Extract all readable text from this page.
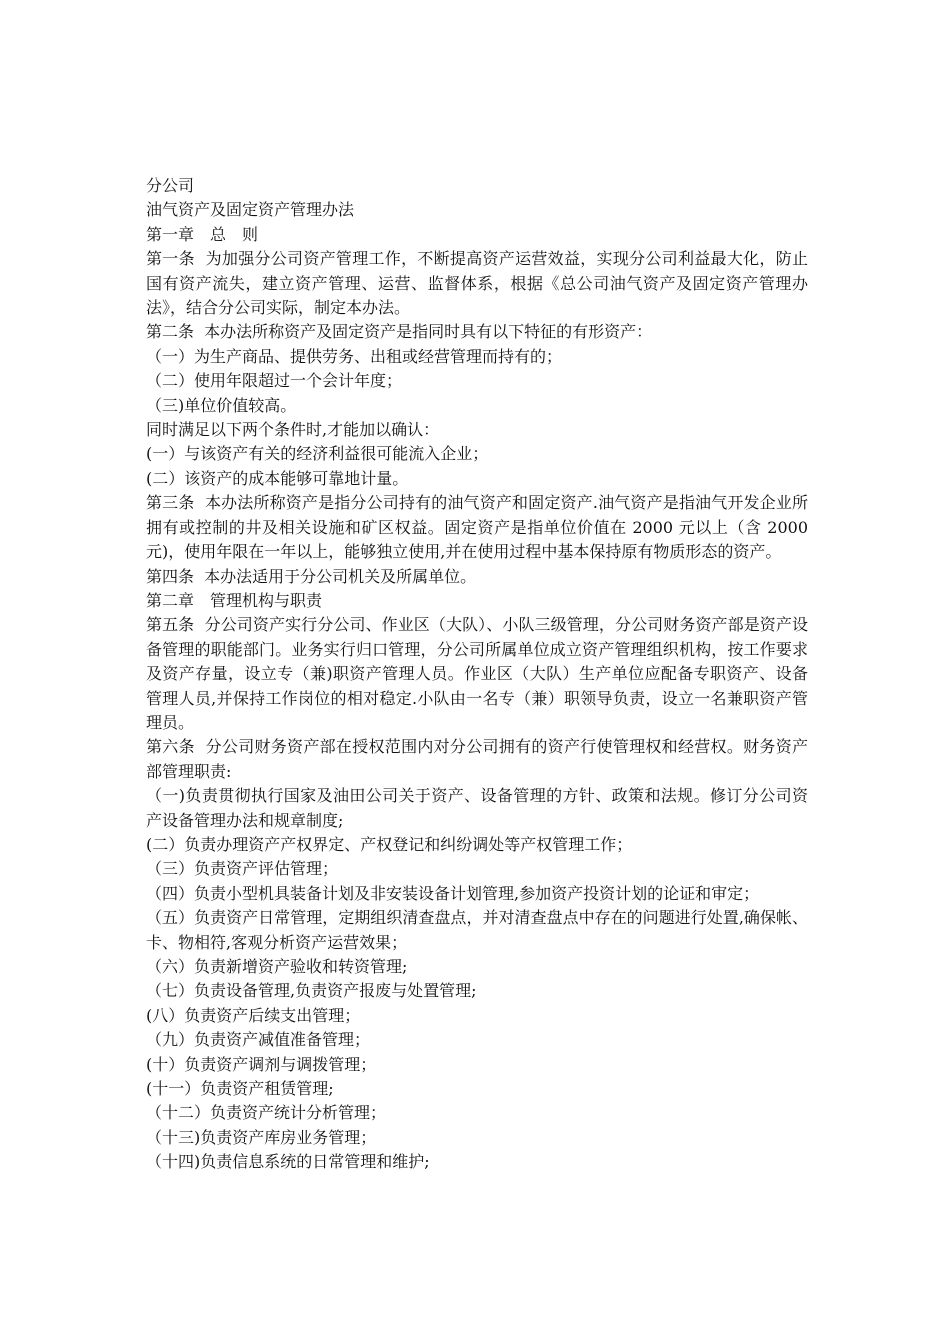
分公司

油气资产及固定资产管理办法

第一章　总　则

第一条  为加强分公司资产管理工作，不断提高资产运营效益，实现分公司利益最大化，防止国有资产流失，建立资产管理、运营、监督体系，根据《总公司油气资产及固定资产管理办法》，结合分公司实际，制定本办法。

第二条  本办法所称资产及固定资产是指同时具有以下特征的有形资产：

（一）为生产商品、提供劳务、出租或经营管理而持有的；

（二）使用年限超过一个会计年度；

（三)单位价值较高。

同时满足以下两个条件时,才能加以确认：

(一）与该资产有关的经济利益很可能流入企业；

(二）该资产的成本能够可靠地计量。

第三条  本办法所称资产是指分公司持有的油气资产和固定资产.油气资产是指油气开发企业所拥有或控制的井及相关设施和矿区权益。固定资产是指单位价值在 2000 元以上（含 2000 元)，使用年限在一年以上，能够独立使用,并在使用过程中基本保持原有物质形态的资产。

第四条  本办法适用于分公司机关及所属单位。

第二章　管理机构与职责

第五条  分公司资产实行分公司、作业区（大队）、小队三级管理，分公司财务资产部是资产设备管理的职能部门。业务实行归口管理，分公司所属单位成立资产管理组织机构，按工作要求及资产存量，设立专（兼)职资产管理人员。作业区（大队）生产单位应配备专职资产、设备管理人员,并保持工作岗位的相对稳定.小队由一名专（兼）职领导负责，设立一名兼职资产管理员。

第六条  分公司财务资产部在授权范围内对分公司拥有的资产行使管理权和经营权。财务资产部管理职责:

（一)负责贯彻执行国家及油田公司关于资产、设备管理的方针、政策和法规。修订分公司资产设备管理办法和规章制度;

(二）负责办理资产产权界定、产权登记和纠纷调处等产权管理工作；

（三）负责资产评估管理；

（四）负责小型机具装备计划及非安装设备计划管理,参加资产投资计划的论证和审定；

（五）负责资产日常管理，定期组织清查盘点，并对清查盘点中存在的问题进行处置,确保帐、卡、物相符,客观分析资产运营效果；

（六）负责新增资产验收和转资管理;

（七）负责设备管理,负责资产报废与处置管理;

(八）负责资产后续支出管理；

（九）负责资产减值准备管理；

(十）负责资产调剂与调拨管理；

(十一）负责资产租赁管理;

（十二）负责资产统计分析管理；

（十三)负责资产库房业务管理；

（十四)负责信息系统的日常管理和维护;
